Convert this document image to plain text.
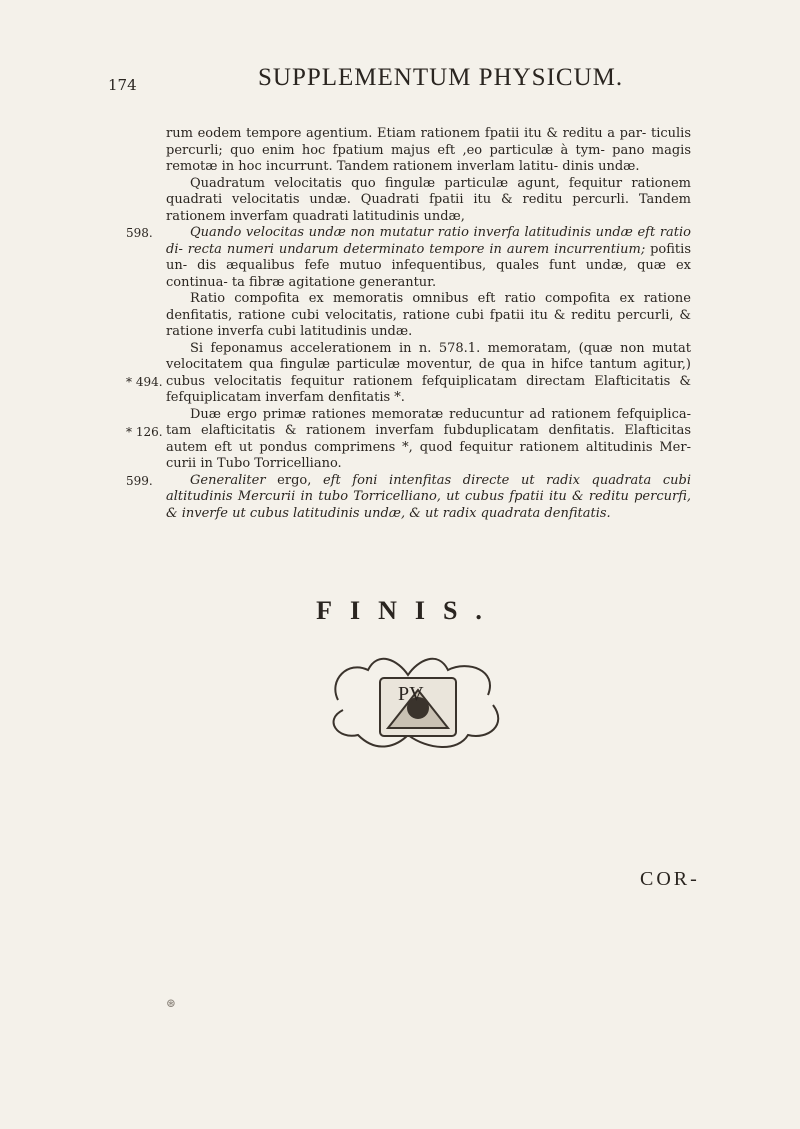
174	SUPPLEMENTUM PHYSICUM.

rum eodem tempore agentium. Etiam rationem fpatii itu & reditu a par- ticulis percurli; quo enim hoc fpatium majus eft ,eo particulæ à tym- pano magis remotæ in hoc incurrunt. Tandem rationem inverlam latitu- dinis undæ.

Quadratum velocitatis quo fingulæ particulæ agunt, fequitur rationem quadrati velocitatis undæ. Quadrati fpatii itu & reditu percurli. Tandem rationem inverfam quadrati latitudinis undæ,

598.	Quando velocitas undæ non mutatur ratio inverfa latitudinis undæ eft ratio di- recta numeri undarum determinato tempore in aurem incurrentium; pofitis un- dis æqualibus fefe mutuo infequentibus, quales funt undæ, quæ ex continua- ta fibræ agitatione generantur.

Ratio compofita ex memoratis omnibus eft ratio compofita ex ratione denfitatis, ratione cubi velocitatis, ratione cubi fpatii itu & reditu percurli, & ratione inverfa cubi latitudinis undæ.

* 494.

Si feponamus accelerationem in n. 578.1. memoratam, (quæ non mutat velocitatem qua fingulæ particulæ moventur, de qua in hifce tantum agitur,) cubus velocitatis fequitur rationem fefquiplicatam directam Elafticitatis & fefquiplicatam inverfam denfitatis *.

* 126.

Duæ ergo primæ rationes memoratæ reducuntur ad rationem fefquiplica- tam elafticitatis & rationem inverfam fubduplicatam denfitatis. Elafticitas autem eft ut pondus comprimens *, quod fequitur rationem altitudinis Mer- curii in Tubo Torricelliano.

599.	Generaliter ergo, eft foni intenfitas directe ut radix quadrata cubi altitudinis Mercurii in tubo Torricelliano, ut cubus fpatii itu & reditu percurfi, & inverfe ut cubus latitudinis undæ, & ut radix quadrata denfitatis.

FINIS.
PV
COR-
⊛
